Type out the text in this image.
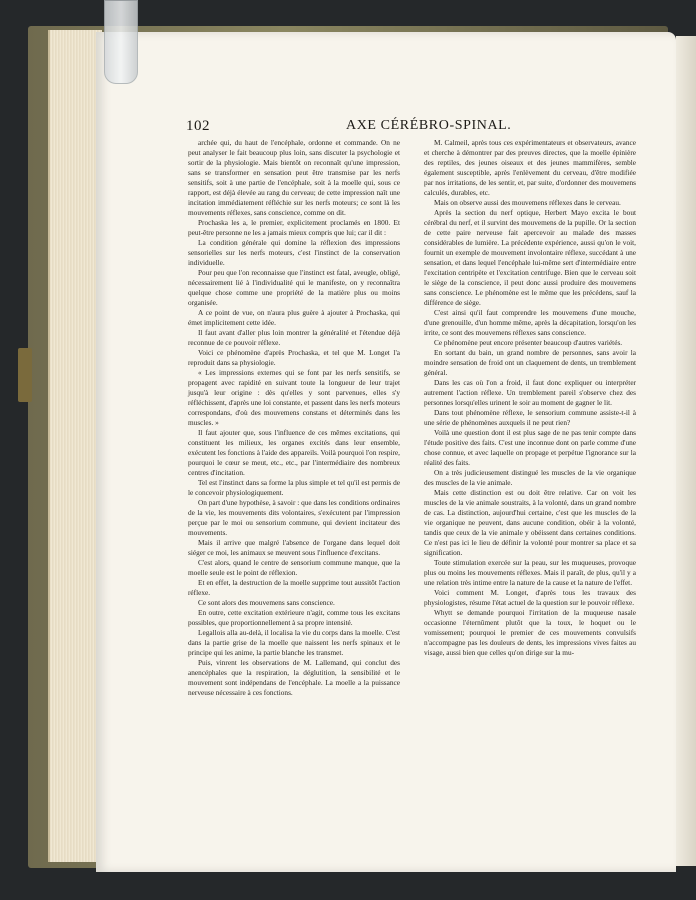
102	AXE CÉRÉBRO-SPINAL.

archée qui, du haut de l'encéphale, ordonne et commande. On ne peut analyser le fait beaucoup plus loin, sans discuter la psychologie et sortir de la physiologie. Mais bientôt on reconnaît qu'une impression, sans se transformer en sensation peut être transmise par les nerfs sensitifs, soit à une partie de l'encéphale, soit à la moelle qui, sous ce rapport, est déjà élevée au rang du cerveau; de cette impression naît une incitation immédiatement réfléchie sur les nerfs moteurs; ce sont là les mouvements réflexes, sans conscience, comme on dit.

Prochaska les a, le premier, explicitement proclamés en 1800. Et peut-être personne ne les a jamais mieux compris que lui; car il dit :

La condition générale qui domine la réflexion des impressions sensorielles sur les nerfs moteurs, c'est l'instinct de la conservation individuelle.

Pour peu que l'on reconnaisse que l'instinct est fatal, aveugle, obligé, nécessairement lié à l'individualité qui le manifeste, on y reconnaîtra quelque chose comme une propriété de la matière plus ou moins organisée.

A ce point de vue, on n'aura plus guère à ajouter à Prochaska, qui émet implicitement cette idée.

Il faut avant d'aller plus loin montrer la généralité et l'étendue déjà reconnue de ce pouvoir réflexe.

Voici ce phénomène d'après Prochaska, et tel que M. Longet l'a reproduit dans sa physiologie.

« Les impressions externes qui se font par les nerfs sensitifs, se propagent avec rapidité en suivant toute la longueur de leur trajet jusqu'à leur origine : dès qu'elles y sont parvenues, elles s'y réfléchissent, d'après une loi constante, et passent dans les nerfs moteurs correspondans, d'où des mouvemens constans et déterminés dans les muscles. »

Il faut ajouter que, sous l'influence de ces mêmes excitations, qui constituent les milieux, les organes excités dans leur ensemble, exécutent les fonctions à l'aide des appareils. Voilà pourquoi l'on respire, pourquoi le cœur se meut, etc., etc., par l'intermédiaire des nombreux centres d'incitation.

Tel est l'instinct dans sa forme la plus simple et tel qu'il est permis de le concevoir physiologiquement.

On part d'une hypothèse, à savoir : que dans les conditions ordinaires de la vie, les mouvements dits volontaires, s'exécutent par l'impression perçue par le moi ou sensorium commune, qui devient incitateur des mouvements.

Mais il arrive que malgré l'absence de l'organe dans lequel doit siéger ce moi, les animaux se meuvent sous l'influence d'excitans.

C'est alors, quand le centre de sensorium commune manque, que la moelle seule est le point de réflexion.

Et en effet, la destruction de la moelle supprime tout aussitôt l'action réflexe.

Ce sont alors des mouvemens sans conscience.

En outre, cette excitation extérieure n'agit, comme tous les excitans possibles, que proportionnellement à sa propre intensité.

Legallois alla au-delà, il localisa la vie du corps dans la moelle. C'est dans la partie grise de la moelle que naissent les nerfs spinaux et le principe qui les anime, la partie blanche les transmet.

Puis, vinrent les observations de M. Lallemand, qui conclut des anencéphales que la respiration, la déglutition, la sensibilité et le mouvement sont indépendans de l'encéphale. La moelle a la puissance nerveuse nécessaire à ces fonctions.

M. Calmeil, après tous ces expérimentateurs et observateurs, avance et cherche à démontrer par des preuves directes, que la moelle épinière des reptiles, des jeunes oiseaux et des jeunes mammifères, semble également susceptible, après l'enlèvement du cerveau, d'être modifiée par nos irritations, de les sentir, et, par suite, d'ordonner des mouvemens calculés, durables, etc.

Mais on observe aussi des mouvemens réflexes dans le cerveau.

Après la section du nerf optique, Herbert Mayo excita le bout cérébral du nerf, et il survint des mouvemens de la pupille. Or la section de cette paire nerveuse fait apercevoir au malade des masses considérables de lumière. La précédente expérience, aussi qu'on le voit, fournit un exemple de mouvement involontaire réflexe, succédant à une sensation, et dans lequel l'encéphale lui-même sert d'intermédiaire entre l'excitation centripète et l'excitation centrifuge. Bien que le cerveau soit le siège de la conscience, il peut donc aussi produire des mouvemens sans conscience. Le phénomène est le même que les précédens, sauf la différence de siège.

C'est ainsi qu'il faut comprendre les mouvemens d'une mouche, d'une grenouille, d'un homme même, après la décapitation, lorsqu'on les irrite, ce sont des mouvemens réflexes sans conscience.

Ce phénomène peut encore présenter beaucoup d'autres variétés.

En sortant du bain, un grand nombre de personnes, sans avoir la moindre sensation de froid ont un claquement de dents, un tremblement général.

Dans les cas où l'on a froid, il faut donc expliquer ou interpréter autrement l'action réflexe. Un tremblement pareil s'observe chez des personnes lorsqu'elles urinent le soir au moment de gagner le lit.

Dans tout phénomène réflexe, le sensorium commune assiste-t-il à une série de phénomènes auxquels il ne peut rien?

Voilà une question dont il est plus sage de ne pas tenir compte dans l'étude positive des faits. C'est une inconnue dont on parle comme d'une chose connue, et avec laquelle on propage et perpétue l'ignorance sur la réalité des faits.

On a très judicieusement distingué les muscles de la vie organique des muscles de la vie animale.

Mais cette distinction est ou doit être relative. Car on voit les muscles de la vie animale soustraits, à la volonté, dans un grand nombre de cas. La distinction, aujourd'hui certaine, c'est que les muscles de la vie organique ne peuvent, dans aucune condition, obéir à la volonté, tandis que ceux de la vie animale y obéissent dans certaines conditions. Ce n'est pas ici le lieu de définir la volonté pour montrer sa place et sa signification.

Toute stimulation exercée sur la peau, sur les muqueuses, provoque plus ou moins les mouvements réflexes. Mais il paraît, de plus, qu'il y a une relation très intime entre la nature de la cause et la nature de l'effet.

Voici comment M. Longet, d'après tous les travaux des physiologistes, résume l'état actuel de la question sur le pouvoir réflexe.

Whytt se demande pourquoi l'irritation de la muqueuse nasale occasionne l'éternûment plutôt que la toux, le hoquet ou le vomissement; pourquoi le premier de ces mouvements convulsifs n'accompagne pas les douleurs de dents, les impressions vives faites au visage, aussi bien que celles qu'on dirige sur la mu-
